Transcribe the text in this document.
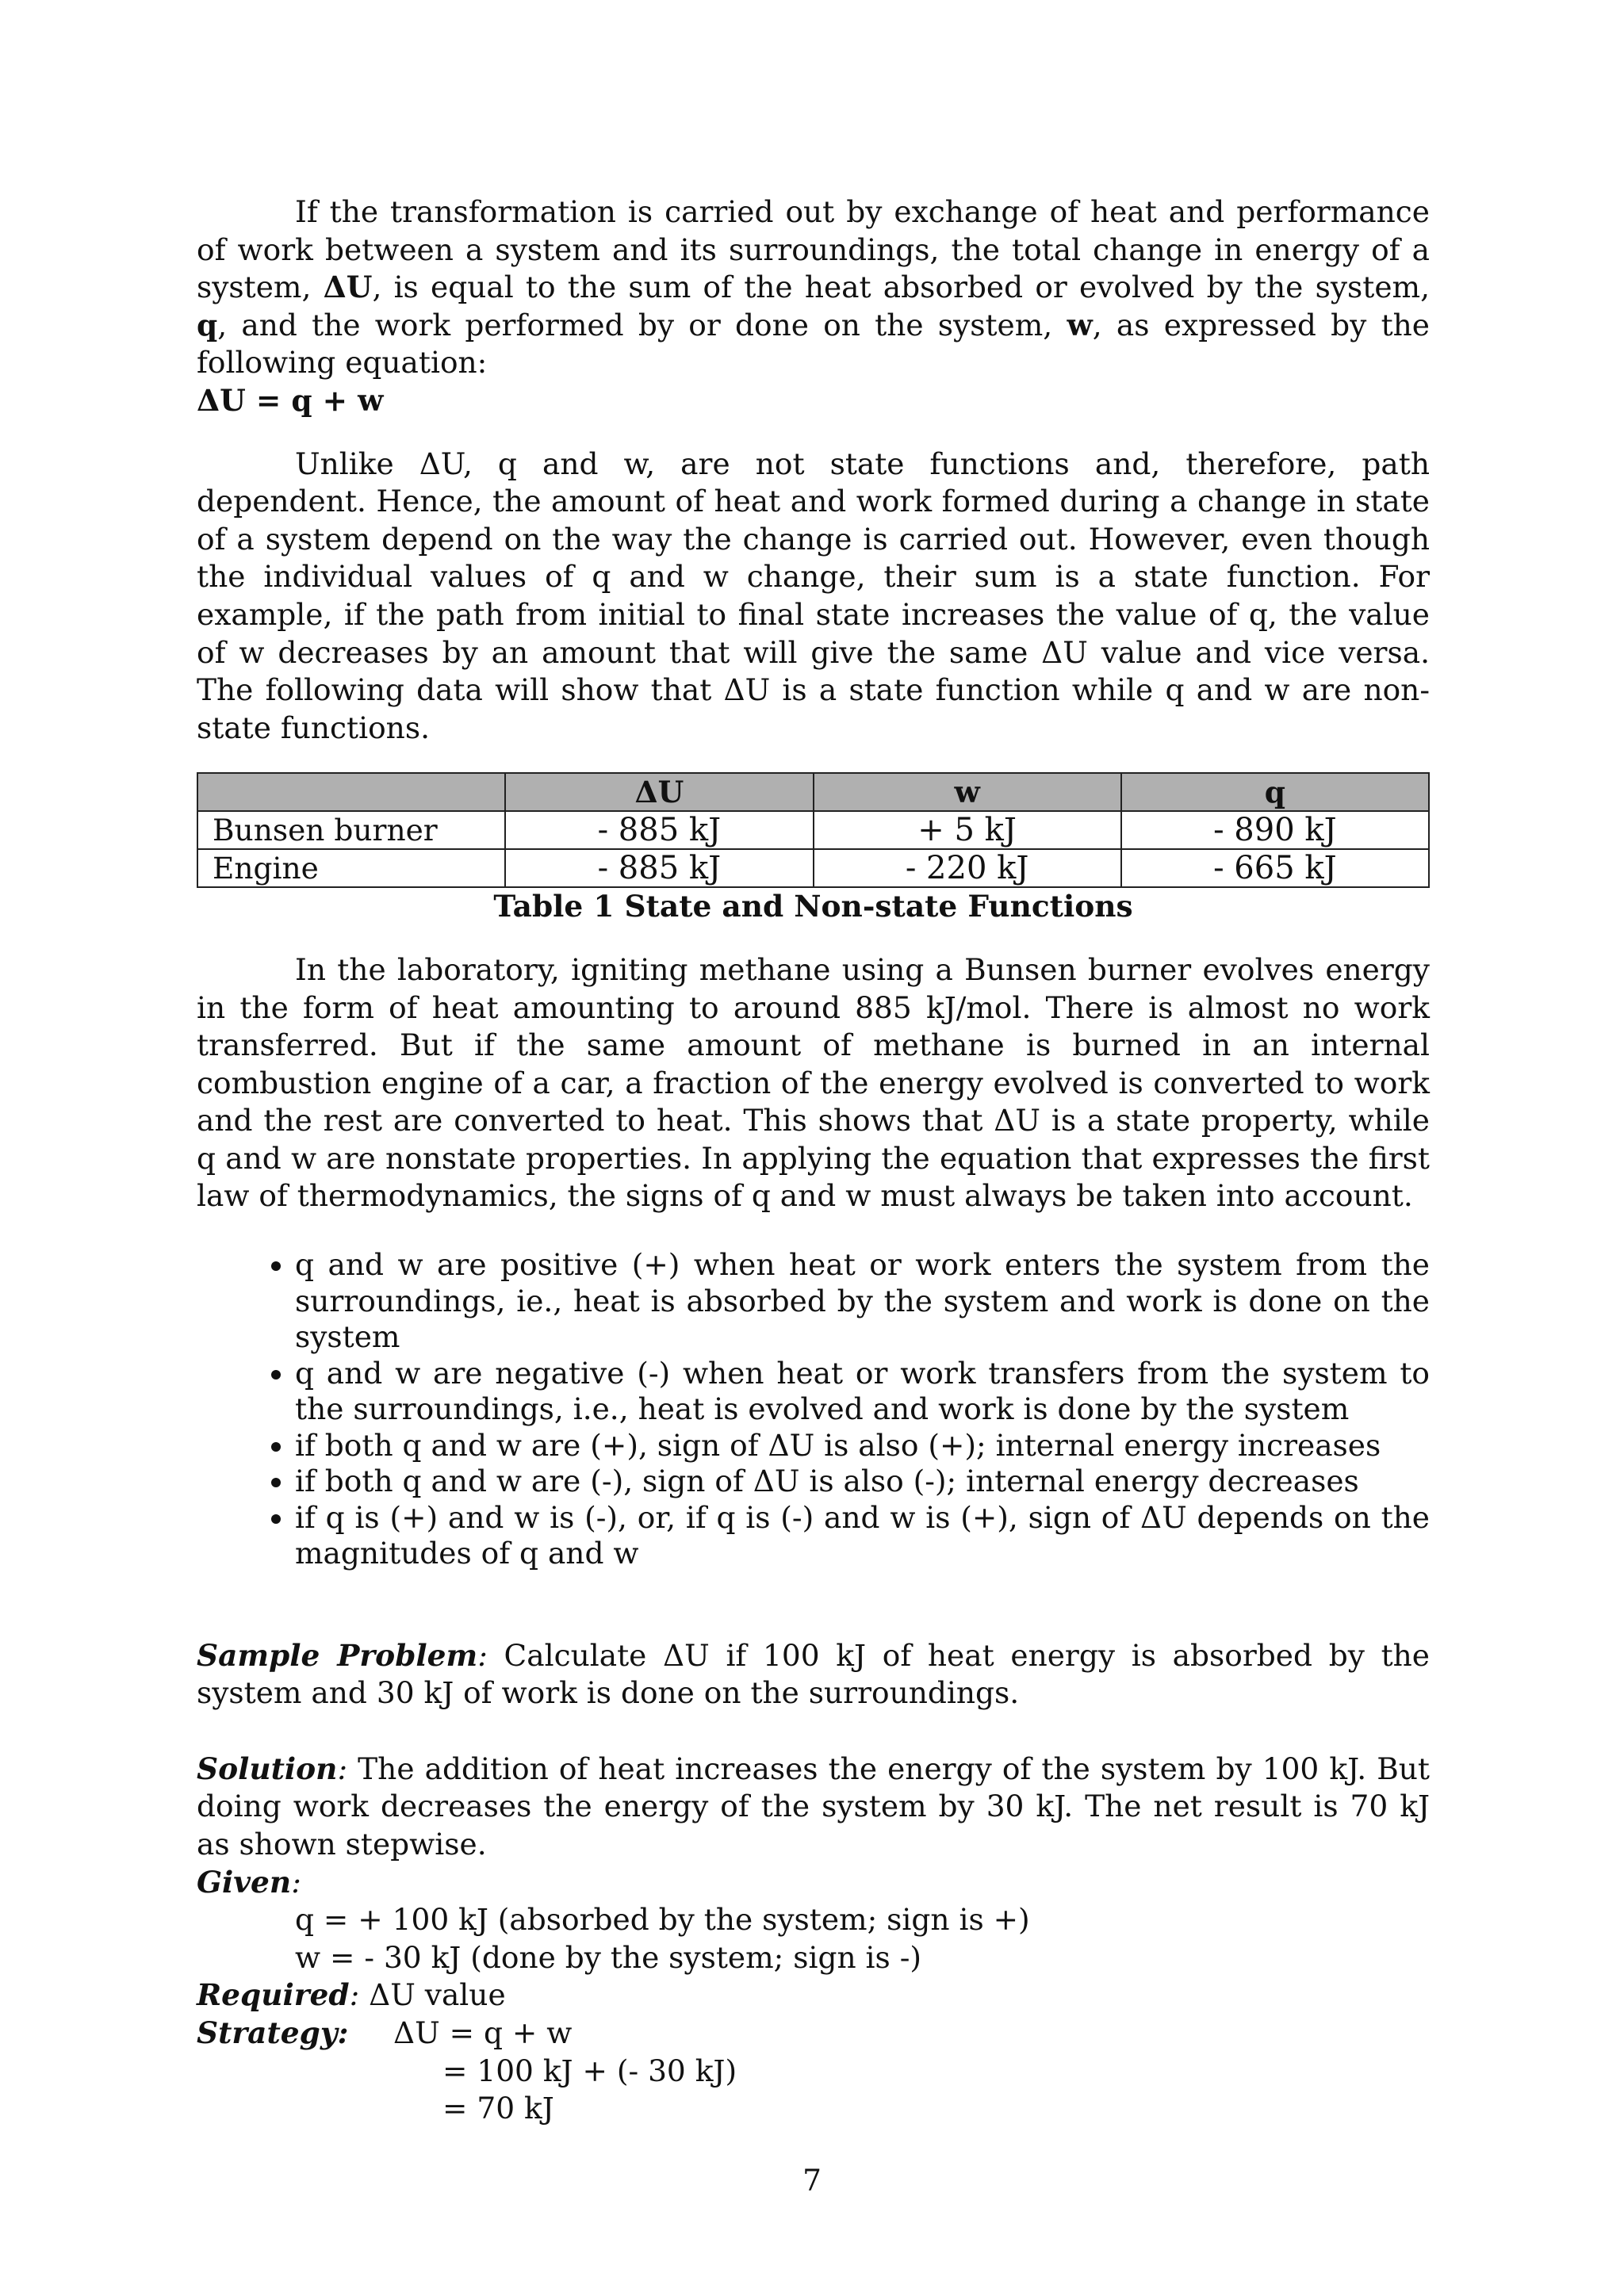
If the transformation is carried out by exchange of heat and performance of work between a system and its surroundings, the total change in energy of a system, ΔU, is equal to the sum of the heat absorbed or evolved by the system, q, and the work performed by or done on the system, w, as expressed by the following equation:

ΔU = q + w

Unlike ΔU, q and w, are not state functions and, therefore, path dependent. Hence, the amount of heat and work formed during a change in state of a system depend on the way the change is carried out. However, even though the individual values of q and w change, their sum is a state function. For example, if the path from initial to final state increases the value of q, the value of w decreases by an amount that will give the same ΔU value and vice versa. The following data will show that ΔU is a state function while q and w are non-state functions.

	ΔU	w	q
Bunsen burner	- 885 kJ	+ 5 kJ	- 890 kJ
Engine	- 885 kJ	- 220 kJ	- 665 kJ

Table 1 State and Non-state Functions

In the laboratory, igniting methane using a Bunsen burner evolves energy in the form of heat amounting to around 885 kJ/mol. There is almost no work transferred. But if the same amount of methane is burned in an internal combustion engine of a car, a fraction of the energy evolved is converted to work and the rest are converted to heat. This shows that ΔU is a state property, while q and w are nonstate properties. In applying the equation that expresses the first law of thermodynamics, the signs of q and w must always be taken into account.

• q and w are positive (+) when heat or work enters the system from the surroundings, ie., heat is absorbed by the system and work is done on the system
• q and w are negative (-) when heat or work transfers from the system to the surroundings, i.e., heat is evolved and work is done by the system
• if both q and w are (+), sign of ΔU is also (+); internal energy increases
• if both q and w are (-), sign of ΔU is also (-); internal energy decreases
• if q is (+) and w is (-), or, if q is (-) and w is (+), sign of ΔU depends on the magnitudes of q and w

Sample Problem: Calculate ΔU if 100 kJ of heat energy is absorbed by the system and 30 kJ of work is done on the surroundings.

Solution: The addition of heat increases the energy of the system by 100 kJ. But doing work decreases the energy of the system by 30 kJ. The net result is 70 kJ as shown stepwise.

Given:

q = + 100 kJ (absorbed by the system; sign is +)

w = - 30 kJ (done by the system; sign is -)

Required: ΔU value

Strategy:	ΔU = q + w

= 100 kJ + (- 30 kJ)

= 70 kJ

7
